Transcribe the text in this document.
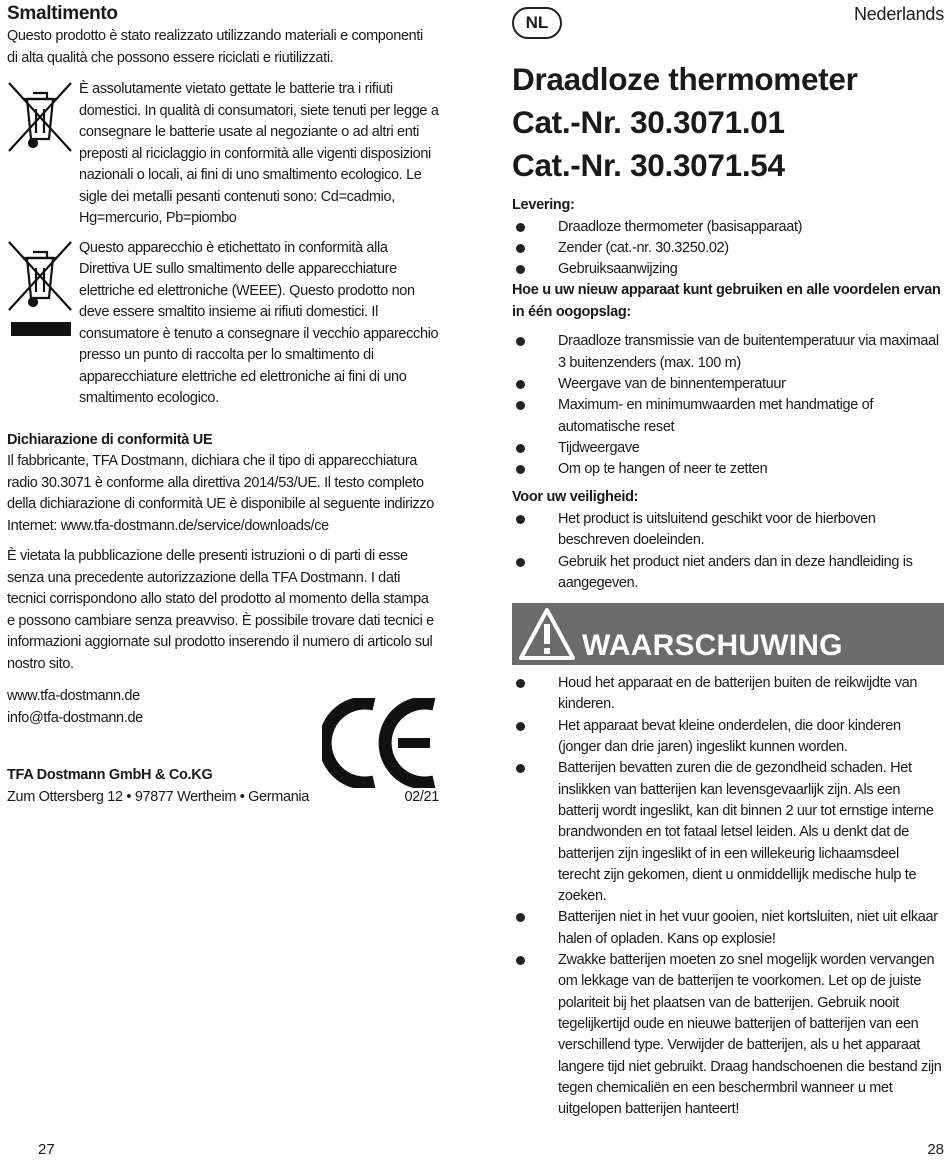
Smaltimento

Questo prodotto è stato realizzato utilizzando materiali e componenti di alta qualità che possono essere riciclati e riutilizzati.

È assolutamente vietato gettate le batterie tra i rifiuti domestici. In qualità di consumatori, siete tenuti per legge a consegnare le batterie usate al negoziante o ad altri enti preposti al riciclaggio in conformità alle vigenti disposizioni nazionali o locali, ai fini di uno smaltimento ecologico. Le sigle dei metalli pesanti contenuti sono: Cd=cadmio, Hg=mercurio, Pb=piombo

Questo apparecchio è etichettato in conformità alla Direttiva UE sullo smaltimento delle apparecchiature elettriche ed elettroniche (WEEE). Questo prodotto non deve essere smaltito insieme ai rifiuti domestici. Il consumatore è tenuto a consegnare il vecchio apparecchio presso un punto di raccolta per lo smaltimento di apparecchiature elettriche ed elettroniche ai fini di uno smaltimento ecologico.

Dichiarazione di conformità UE

Il fabbricante, TFA Dostmann, dichiara che il tipo di apparecchiatura radio 30.3071 è conforme alla direttiva 2014/53/UE. Il testo completo della dichiarazione di conformità UE è disponibile al seguente indirizzo Internet: www.tfa-dostmann.de/service/downloads/ce

È vietata la pubblicazione delle presenti istruzioni o di parti di esse senza una precedente autorizzazione della TFA Dostmann. I dati tecnici corrispondono allo stato del prodotto al momento della stampa e possono cambiare senza preavviso. È possibile trovare dati tecnici e informazioni aggiornate sul prodotto inserendo il numero di articolo sul nostro sito.

www.tfa-dostmann.de

info@tfa-dostmann.de

TFA Dostmann GmbH & Co.KG

Zum Ottersberg 12 • 97877 Wertheim • Germania	02/21
27
NL	Nederlands
Draadloze thermometer
Cat.-Nr. 30.3071.01
Cat.-Nr. 30.3071.54

Levering:

Draadloze thermometer (basisapparaat)
Zender (cat.-nr. 30.3250.02)
Gebruiksaanwijzing

Hoe u uw nieuw apparaat kunt gebruiken en alle voordelen ervan in één oogopslag:

Draadloze transmissie van de buitentemperatuur via maximaal 3 buitenzenders (max. 100 m)
Weergave van de binnentemperatuur
Maximum- en minimumwaarden met handmatige of automatische reset
Tijdweergave
Om op te hangen of neer te zetten

Voor uw veiligheid:

Het product is uitsluitend geschikt voor de hierboven beschreven doeleinden.
Gebruik het product niet anders dan in deze handleiding is aangegeven.
WAARSCHUWING
Houd het apparaat en de batterijen buiten de reikwijdte van kinderen.
Het apparaat bevat kleine onderdelen, die door kinderen (jonger dan drie jaren) ingeslikt kunnen worden.
Batterijen bevatten zuren die de gezondheid schaden. Het inslikken van batterijen kan levensgevaarlijk zijn. Als een batterij wordt ingeslikt, kan dit binnen 2 uur tot ernstige interne brandwonden en tot fataal letsel leiden. Als u denkt dat de batterijen zijn ingeslikt of in een willekeurig lichaamsdeel terecht zijn gekomen, dient u onmiddellijk medische hulp te zoeken.
Batterijen niet in het vuur gooien, niet kortsluiten, niet uit elkaar halen of opladen. Kans op explosie!
Zwakke batterijen moeten zo snel mogelijk worden vervangen om lekkage van de batterijen te voorkomen. Let op de juiste polariteit bij het plaatsen van de batterijen. Gebruik nooit tegelijkertijd oude en nieuwe batterijen of batterijen van een verschillend type. Verwijder de batterijen, als u het apparaat langere tijd niet gebruikt. Draag handschoenen die bestand zijn tegen chemicaliën en een beschermbril wanneer u met uitgelopen batterijen hanteert!
28
